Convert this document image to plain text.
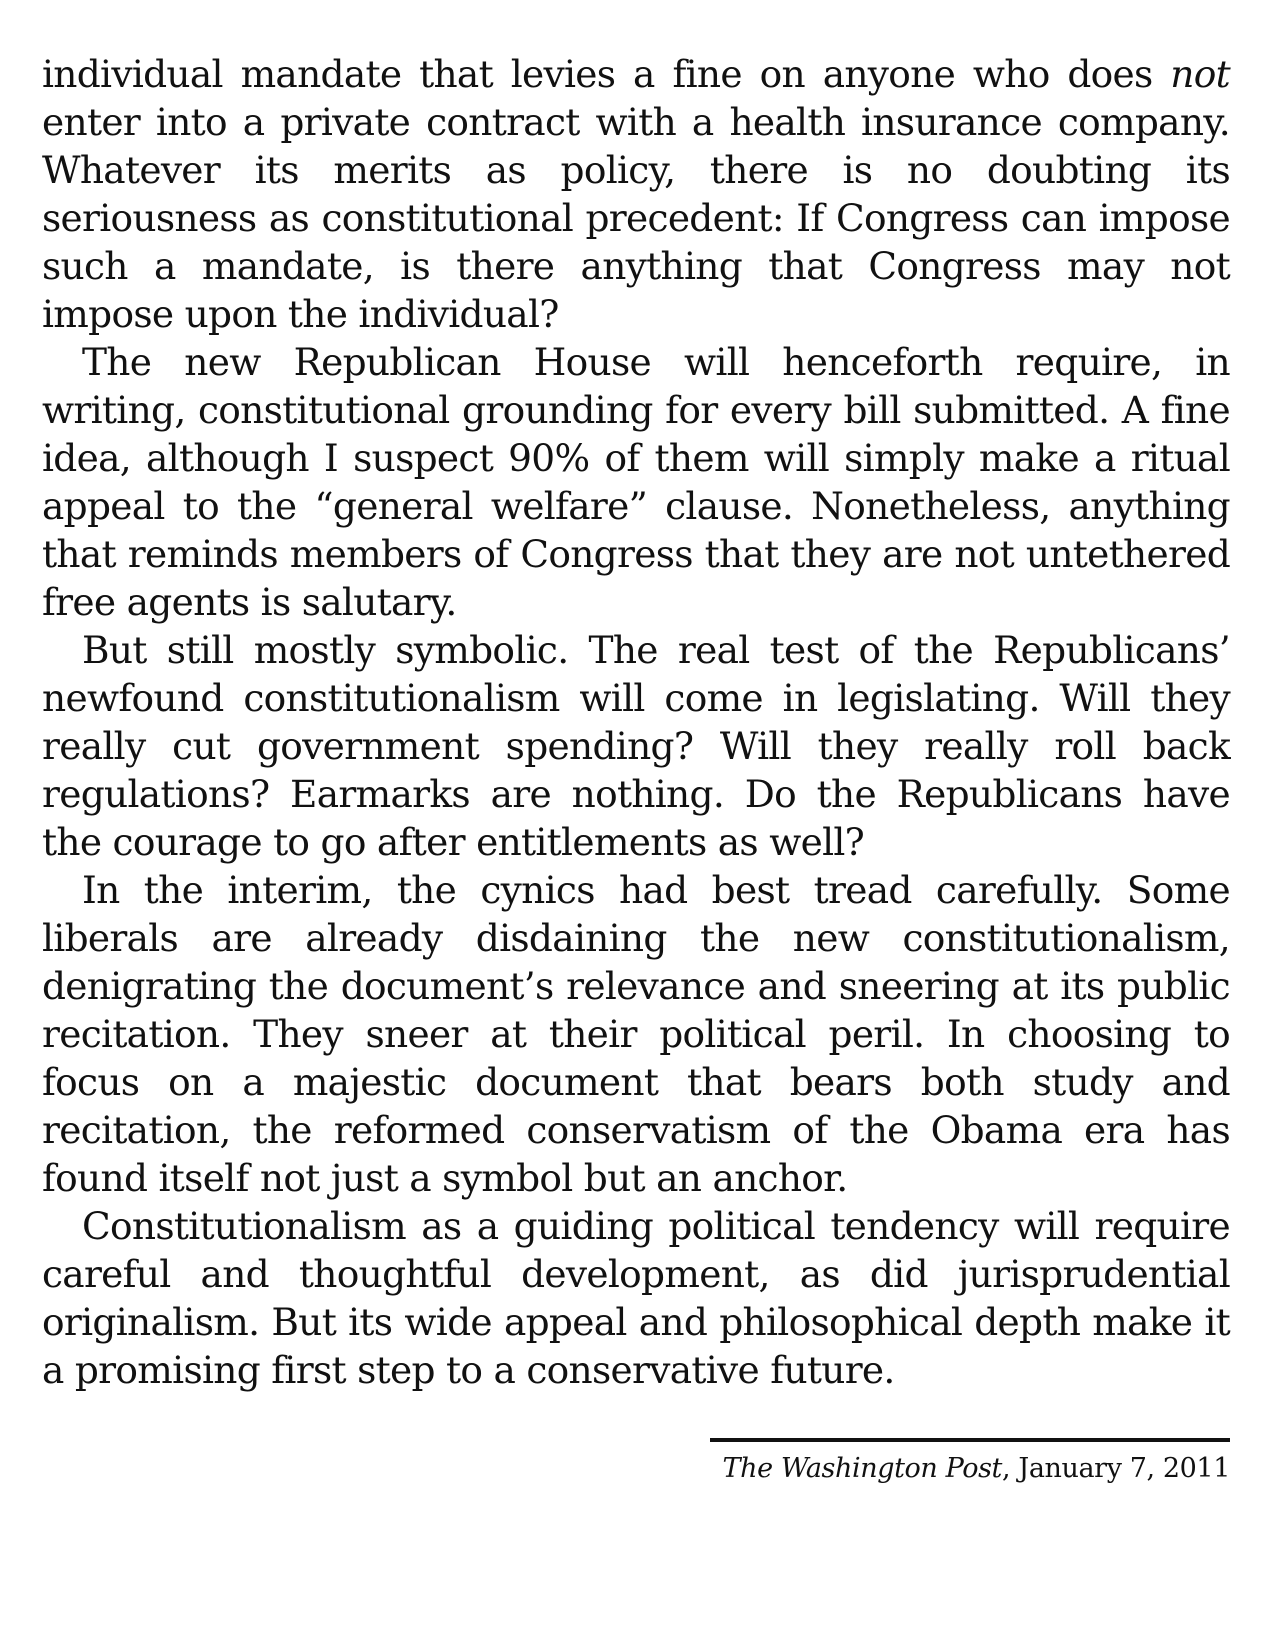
individual mandate that levies a fine on anyone who does not enter into a private contract with a health insurance company. Whatever its merits as policy, there is no doubting its seriousness as constitutional precedent: If Congress can impose such a mandate, is there anything that Congress may not impose upon the individual?

The new Republican House will henceforth require, in writing, constitutional grounding for every bill submitted. A fine idea, although I suspect 90% of them will simply make a ritual appeal to the “general welfare” clause. Nonetheless, anything that reminds members of Congress that they are not untethered free agents is salutary.

But still mostly symbolic. The real test of the Republicans’ newfound constitutionalism will come in legislating. Will they really cut government spending? Will they really roll back regulations? Earmarks are nothing. Do the Republicans have the courage to go after entitlements as well?

In the interim, the cynics had best tread carefully. Some liberals are already disdaining the new constitutionalism, denigrating the document’s relevance and sneering at its public recitation. They sneer at their political peril. In choosing to focus on a majestic document that bears both study and recitation, the reformed conservatism of the Obama era has found itself not just a symbol but an anchor.

Constitutionalism as a guiding political tendency will require careful and thoughtful development, as did jurisprudential originalism. But its wide appeal and philosophical depth make it a promising first step to a conservative future.

The Washington Post, January 7, 2011
